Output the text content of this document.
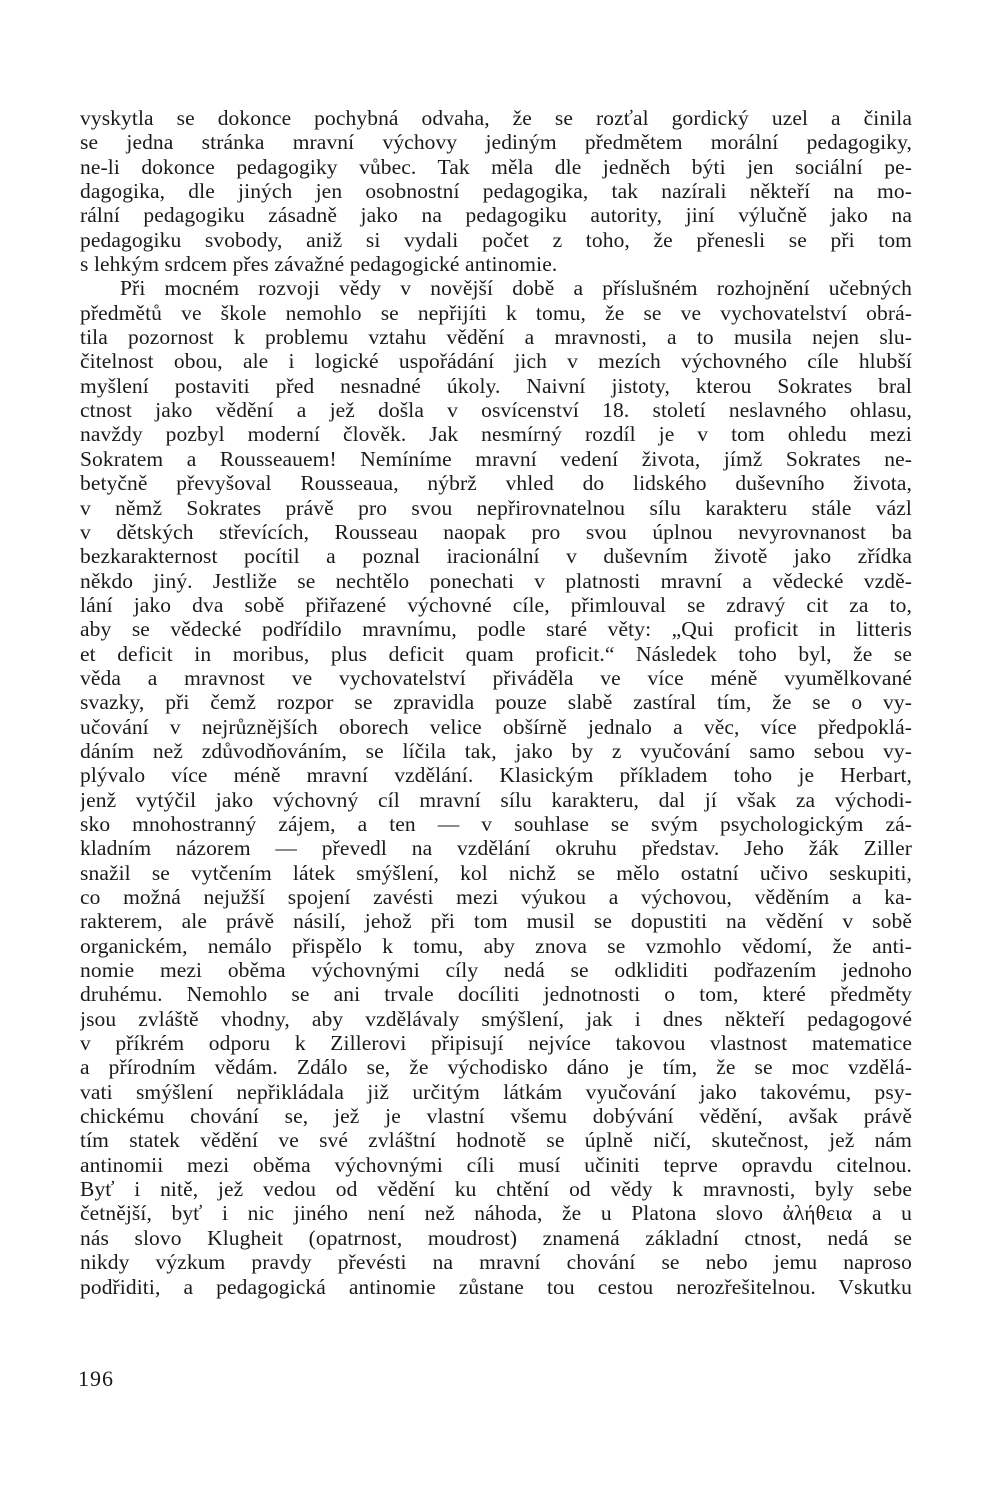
vyskytla se dokonce pochybná odvaha, že se rozťal gordický uzel a činila
se jedna stránka mravní výchovy jediným předmětem morální pedagogiky,
ne-li dokonce pedagogiky vůbec. Tak měla dle jedněch býti jen sociální pe-
dagogika, dle jiných jen osobnostní pedagogika, tak nazírali někteří na mo-
rální pedagogiku zásadně jako na pedagogiku autority, jiní výlučně jako na
pedagogiku svobody, aniž si vydali počet z toho, že přenesli se při tom
s lehkým srdcem přes závažné pedagogické antinomie.
Při mocném rozvoji vědy v novější době a příslušném rozhojnění učebných
předmětů ve škole nemohlo se nepřijíti k tomu, že se ve vychovatelství obrá-
tila pozornost k problemu vztahu vědění a mravnosti, a to musila nejen slu-
čitelnost obou, ale i logické uspořádání jich v mezích výchovného cíle hlubší
myšlení postaviti před nesnadné úkoly. Naivní jistoty, kterou Sokrates bral
ctnost jako vědění a jež došla v osvícenství 18. století neslavného ohlasu,
navždy pozbyl moderní člověk. Jak nesmírný rozdíl je v tom ohledu mezi
Sokratem a Rousseauem! Nemíníme mravní vedení života, jímž Sokrates ne-
betyčně převyšoval Rousseaua, nýbrž vhled do lidského duševního života,
v němž Sokrates právě pro svou nepřirovnatelnou sílu karakteru stále vázl
v dětských střevících, Rousseau naopak pro svou úplnou nevyrovnanost ba
bezkarakternost pocítil a poznal iracionální v duševním životě jako zřídka
někdo jiný. Jestliže se nechtělo ponechati v platnosti mravní a vědecké vzdě-
lání jako dva sobě přiřazené výchovné cíle, přimlouval se zdravý cit za to,
aby se vědecké podřídilo mravnímu, podle staré věty: „Qui proficit in litteris
et deficit in moribus, plus deficit quam proficit.“ Následek toho byl, že se
věda a mravnost ve vychovatelství přiváděla ve více méně vyumělkované
svazky, při čemž rozpor se zpravidla pouze slabě zastíral tím, že se o vy-
učování v nejrůznějších oborech velice obšírně jednalo a věc, více předpoklá-
dáním než zdůvodňováním, se líčila tak, jako by z vyučování samo sebou vy-
plývalo více méně mravní vzdělání. Klasickým příkladem toho je Herbart,
jenž vytýčil jako výchovný cíl mravní sílu karakteru, dal jí však za východi-
sko mnohostranný zájem, a ten — v souhlase se svým psychologickým zá-
kladním názorem — převedl na vzdělání okruhu představ. Jeho žák Ziller
snažil se vytčením látek smýšlení, kol nichž se mělo ostatní učivo seskupiti,
co možná nejužší spojení zavésti mezi výukou a výchovou, věděním a ka-
rakterem, ale právě násilí, jehož při tom musil se dopustiti na vědění v sobě
organickém, nemálo přispělo k tomu, aby znova se vzmohlo vědomí, že anti-
nomie mezi oběma výchovnými cíly nedá se odkliditi podřazením jednoho
druhému. Nemohlo se ani trvale docíliti jednotnosti o tom, které předměty
jsou zvláště vhodny, aby vzdělávaly smýšlení, jak i dnes někteří pedagogové
v příkrém odporu k Zillerovi připisují nejvíce takovou vlastnost matematice
a přírodním vědám. Zdálo se, že východisko dáno je tím, že se moc vzdělá-
vati smýšlení nepřikládala již určitým látkám vyučování jako takovému, psy-
chickému chování se, jež je vlastní všemu dobývání vědění, avšak právě
tím statek vědění ve své zvláštní hodnotě se úplně ničí, skutečnost, jež nám
antinomii mezi oběma výchovnými cíli musí učiniti teprve opravdu citelnou.
Byť i nitě, jež vedou od vědění ku chtění od vědy k mravnosti, byly sebe
četnější, byť i nic jiného není než náhoda, že u Platona slovo ἀλήθεια a u
nás slovo Klugheit (opatrnost, moudrost) znamená základní ctnost, nedá se
nikdy výzkum pravdy převésti na mravní chování se nebo jemu naproso
podřiditi, a pedagogická antinomie zůstane tou cestou nerozřešitelnou. Vskutku
196
